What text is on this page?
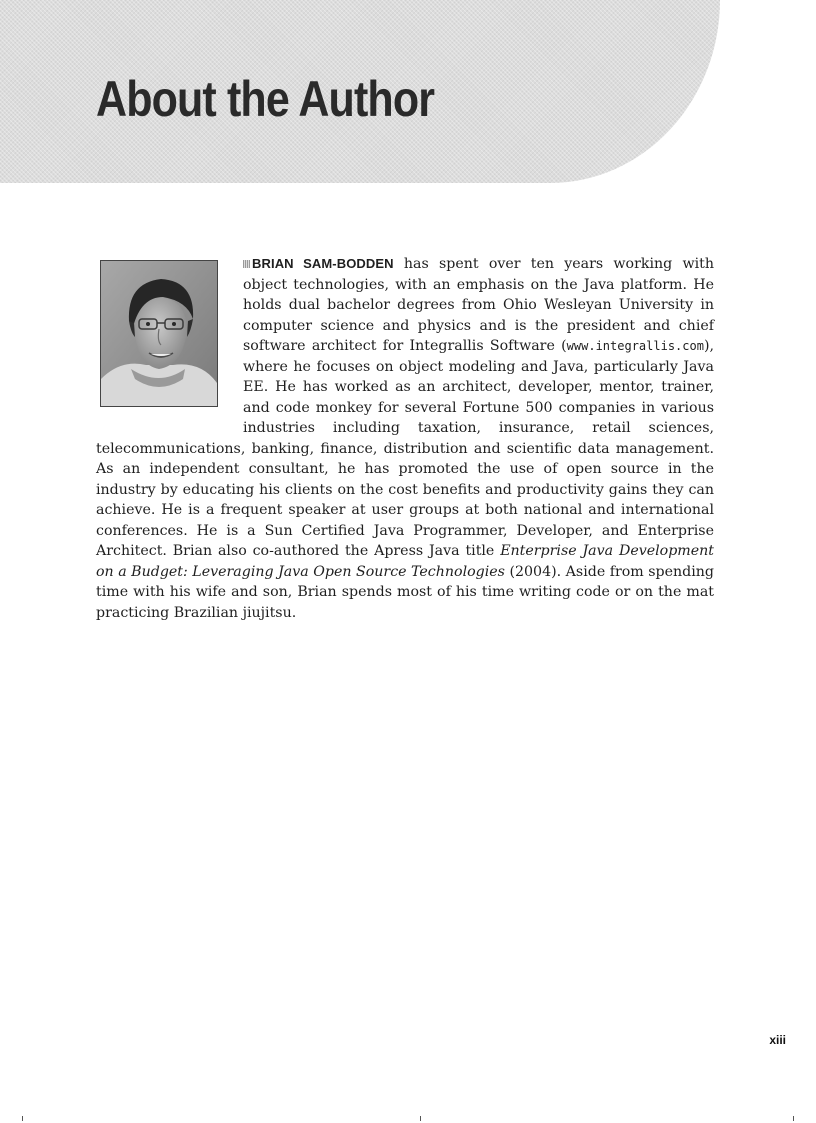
About the Author

BRIAN SAM-BODDEN has spent over ten years working with object technologies, with an emphasis on the Java platform. He holds dual bachelor degrees from Ohio Wesleyan University in computer science and physics and is the president and chief software architect for Integrallis Software (www.integrallis.com), where he focuses on object modeling and Java, particularly Java EE. He has worked as an architect, developer, mentor, trainer, and code monkey for several Fortune 500 companies in various industries including taxation, insurance, retail sciences, telecommunications, banking, finance, distribution and scientific data management. As an independent consultant, he has promoted the use of open source in the industry by educating his clients on the cost benefits and productivity gains they can achieve. He is a frequent speaker at user groups at both national and international conferences. He is a Sun Certified Java Programmer, Developer, and Enterprise Architect. Brian also co-authored the Apress Java title Enterprise Java Development on a Budget: Leveraging Java Open Source Technologies (2004). Aside from spending time with his wife and son, Brian spends most of his time writing code or on the mat practicing Brazilian jiujitsu.

xiii
